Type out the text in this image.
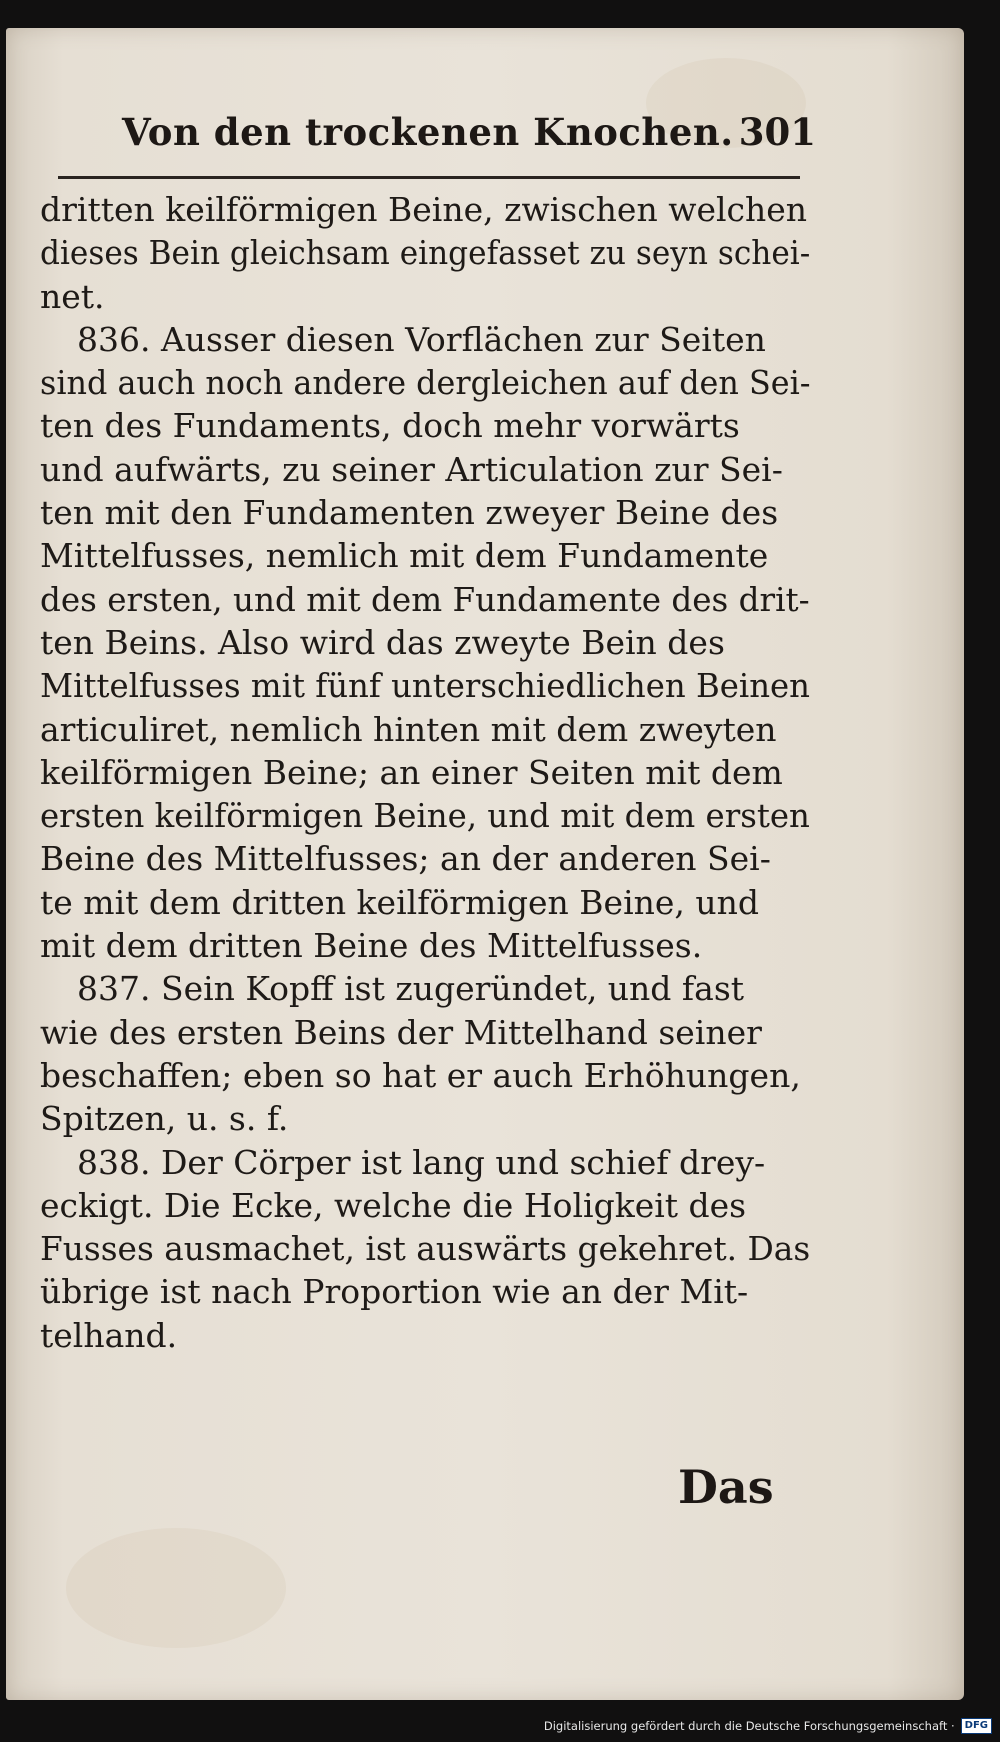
Von den trockenen Knochen. 301
dritten keilförmigen Beine, zwischen welchen
dieses Bein gleichsam eingefasset zu seyn schei-
net.
836. Ausser diesen Vorflächen zur Seiten
sind auch noch andere dergleichen auf den Sei-
ten des Fundaments, doch mehr vorwärts
und aufwärts, zu seiner Articulation zur Sei-
ten mit den Fundamenten zweyer Beine des
Mittelfusses, nemlich mit dem Fundamente
des ersten, und mit dem Fundamente des drit-
ten Beins. Also wird das zweyte Bein des
Mittelfusses mit fünf unterschiedlichen Beinen
articuliret, nemlich hinten mit dem zweyten
keilförmigen Beine; an einer Seiten mit dem
ersten keilförmigen Beine, und mit dem ersten
Beine des Mittelfusses; an der anderen Sei-
te mit dem dritten keilförmigen Beine, und
mit dem dritten Beine des Mittelfusses.
837. Sein Kopff ist zugeründet, und fast
wie des ersten Beins der Mittelhand seiner
beschaffen; eben so hat er auch Erhöhungen,
Spitzen, u. s. f.
838. Der Cörper ist lang und schief drey-
eckigt. Die Ecke, welche die Holigkeit des
Fusses ausmachet, ist auswärts gekehret. Das
übrige ist nach Proportion wie an der Mit-
telhand.
Das
Digitalisierung gefördert durch die Deutsche Forschungsgemeinschaft ·	DFG
